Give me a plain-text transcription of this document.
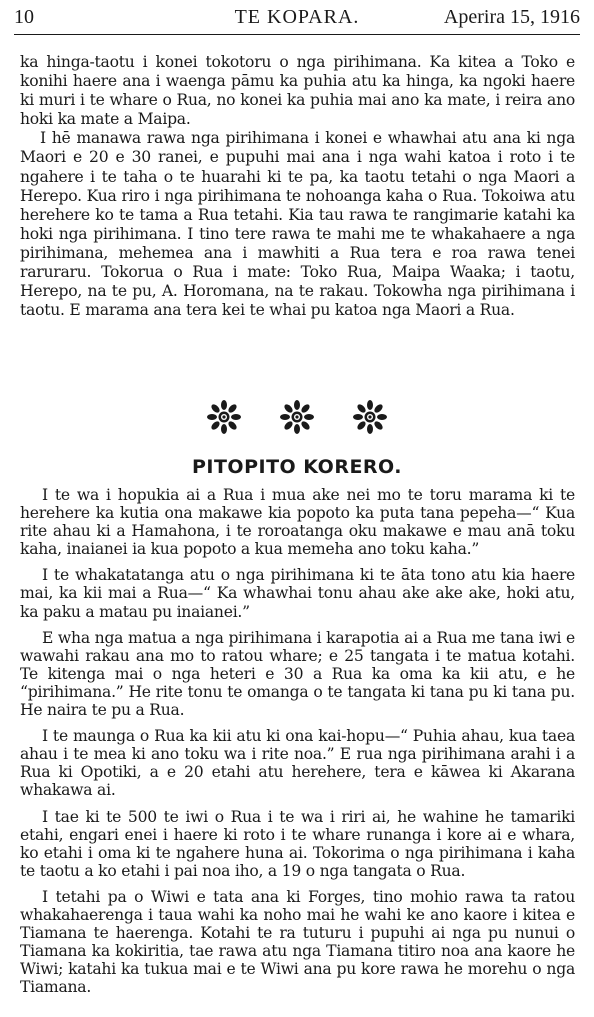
10	TE KOPARA.	Aperira 15, 1916

ka hinga-taotu i konei tokotoru o nga pirihimana. Ka kitea a Toko e konihi haere ana i waenga pāmu ka puhia atu ka hinga, ka ngoki haere ki muri i te whare o Rua, no konei ka puhia mai ano ka mate, i reira ano hoki ka mate a Maipa.

I hē manawa rawa nga pirihimana i konei e whawhai atu ana ki nga Maori e 20 e 30 ranei, e pupuhi mai ana i nga wahi katoa i roto i te ngahere i te taha o te huarahi ki te pa, ka taotu tetahi o nga Maori a Herepo. Kua riro i nga pirihimana te nohoanga kaha o Rua. Tokoiwa atu herehere ko te tama a Rua tetahi. Kia tau rawa te rangimarie katahi ka hoki nga pirihimana. I tino tere rawa te mahi me te whakahaere a nga pirihimana, mehemea ana i mawhiti a Rua tera e roa rawa tenei raruraru. Tokorua o Rua i mate: Toko Rua, Maipa Waaka; i taotu, Herepo, na te pu, A. Horomana, na te rakau. Tokowha nga pirihimana i taotu. E marama ana tera kei te whai pu katoa nga Maori a Rua.

PITOPITO KORERO.

I te wa i hopukia ai a Rua i mua ake nei mo te toru marama ki te herehere ka kutia ona makawe kia popoto ka puta tana pepeha—“ Kua rite ahau ki a Hamahona, i te roroatanga oku makawe e mau anā toku kaha, inaianei ia kua popoto a kua memeha ano toku kaha.”

I te whakatatanga atu o nga pirihimana ki te āta tono atu kia haere mai, ka kii mai a Rua—“ Ka whawhai tonu ahau ake ake ake, hoki atu, ka paku a matau pu inaianei.”

E wha nga matua a nga pirihimana i karapotia ai a Rua me tana iwi e wawahi rakau ana mo to ratou whare; e 25 tangata i te matua kotahi. Te kitenga mai o nga heteri e 30 a Rua ka oma ka kii atu, e he “pirihimana.” He rite tonu te omanga o te tangata ki tana pu ki tana pu. He naira te pu a Rua.

I te maunga o Rua ka kii atu ki ona kai-hopu—“ Puhia ahau, kua taea ahau i te mea ki ano toku wa i rite noa.” E rua nga pirihimana arahi i a Rua ki Opotiki, a e 20 etahi atu herehere, tera e kāwea ki Akarana whakawa ai.

I tae ki te 500 te iwi o Rua i te wa i riri ai, he wahine he tamariki etahi, engari enei i haere ki roto i te whare runanga i kore ai e whara, ko etahi i oma ki te ngahere huna ai. Tokorima o nga pirihimana i kaha te taotu a ko etahi i pai noa iho, a 19 o nga tangata o Rua.

I tetahi pa o Wiwi e tata ana ki Forges, tino mohio rawa ta ratou whakahaerenga i taua wahi ka noho mai he wahi ke ano kaore i kitea e Tiamana te haerenga. Kotahi te ra tuturu i pupuhi ai nga pu nunui o Tiamana ka kokiritia, tae rawa atu nga Tiamana titiro noa ana kaore he Wiwi; katahi ka tukua mai e te Wiwi ana pu kore rawa he morehu o nga Tiamana.
